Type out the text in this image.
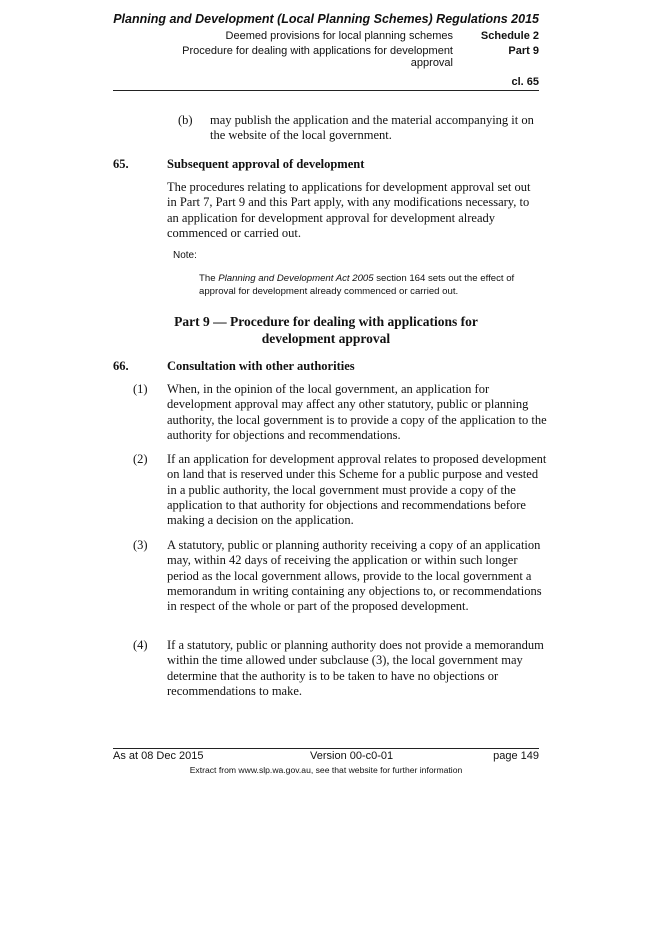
Planning and Development (Local Planning Schemes) Regulations 2015
Deemed provisions for local planning schemes	Schedule 2
Procedure for dealing with applications for development
approval
Part 9
cl. 65
(b) may publish the application and the material accompanying it on the website of the local government.
65.	Subsequent approval of development
The procedures relating to applications for development approval set out in Part 7, Part 9 and this Part apply, with any modifications necessary, to an application for development approval for development already commenced or carried out.
Note:
The Planning and Development Act 2005 section 164 sets out the effect of approval for development already commenced or carried out.
Part 9 — Procedure for dealing with applications for
development approval
66.	Consultation with other authorities
(1) When, in the opinion of the local government, an application for development approval may affect any other statutory, public or planning authority, the local government is to provide a copy of the application to the authority for objections and recommendations.
(2) If an application for development approval relates to proposed development on land that is reserved under this Scheme for a public purpose and vested in a public authority, the local government must provide a copy of the application to that authority for objections and recommendations before making a decision on the application.
(3) A statutory, public or planning authority receiving a copy of an application may, within 42 days of receiving the application or within such longer period as the local government allows, provide to the local government a memorandum in writing containing any objections to, or recommendations in respect of the whole or part of the proposed development.
(4) If a statutory, public or planning authority does not provide a memorandum within the time allowed under subclause (3), the local government may determine that the authority is to be taken to have no objections or recommendations to make.
As at 08 Dec 2015	Version 00-c0-01	page 149
Extract from www.slp.wa.gov.au, see that website for further information
